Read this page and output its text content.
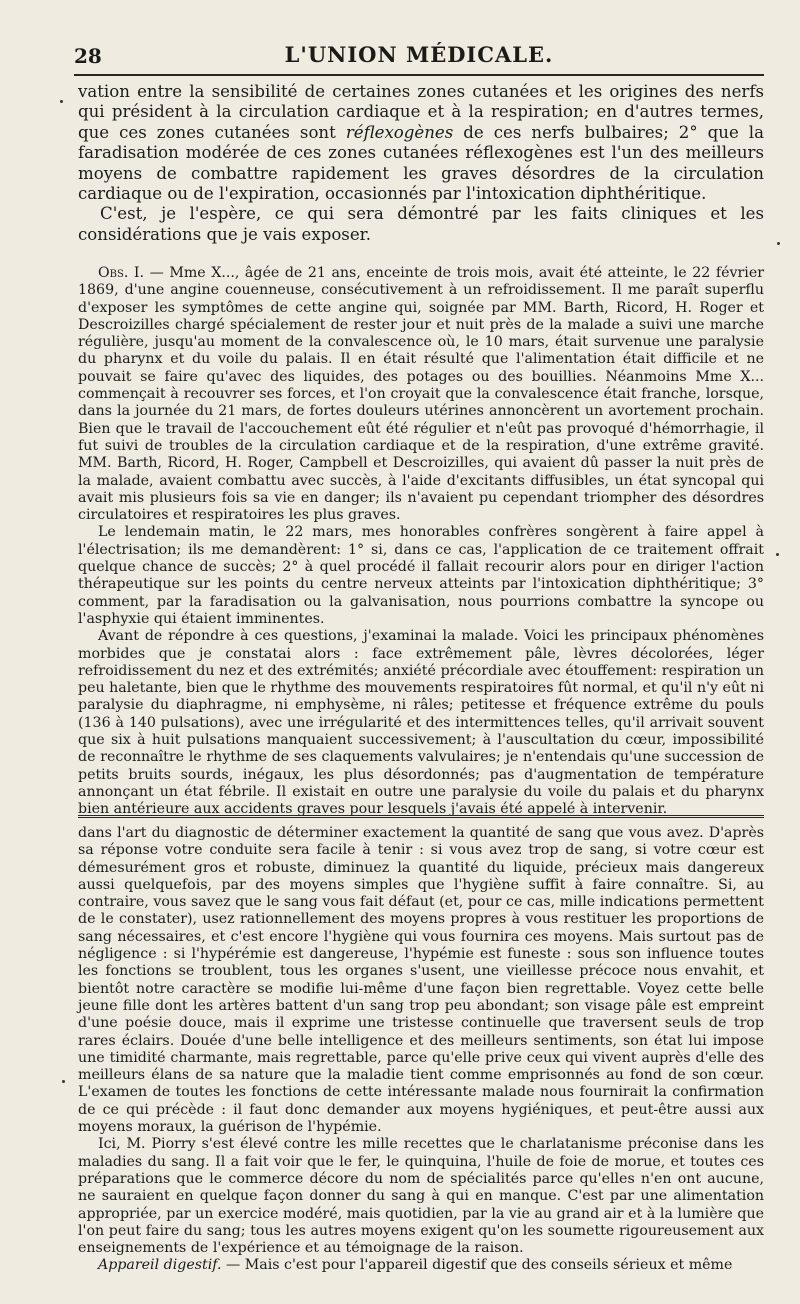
28	L'UNION MÉDICALE.

vation entre la sensibilité de certaines zones cutanées et les origines des nerfs qui président à la circulation cardiaque et à la respiration; en d'autres termes, que ces zones cutanées sont réflexogènes de ces nerfs bulbaires; 2° que la faradisation modérée de ces zones cutanées réflexogènes est l'un des meilleurs moyens de combattre rapidement les graves désordres de la circulation cardiaque ou de l'expiration, occasionnés par l'intoxication diphthéritique.

C'est, je l'espère, ce qui sera démontré par les faits cliniques et les considérations que je vais exposer.

Obs. I. — Mme X..., âgée de 21 ans, enceinte de trois mois, avait été atteinte, le 22 février 1869, d'une angine couenneuse, consécutivement à un refroidissement. Il me paraît superflu d'exposer les symptômes de cette angine qui, soignée par MM. Barth, Ricord, H. Roger et Descroizilles chargé spécialement de rester jour et nuit près de la malade a suivi une marche régulière, jusqu'au moment de la convalescence où, le 10 mars, était survenue une paralysie du pharynx et du voile du palais. Il en était résulté que l'alimentation était difficile et ne pouvait se faire qu'avec des liquides, des potages ou des bouillies. Néanmoins Mme X... commençait à recouvrer ses forces, et l'on croyait que la convalescence était franche, lorsque, dans la journée du 21 mars, de fortes douleurs utérines annoncèrent un avortement prochain. Bien que le travail de l'accouchement eût été régulier et n'eût pas provoqué d'hémorrhagie, il fut suivi de troubles de la circulation cardiaque et de la respiration, d'une extrême gravité. MM. Barth, Ricord, H. Roger, Campbell et Descroizilles, qui avaient dû passer la nuit près de la malade, avaient combattu avec succès, à l'aide d'excitants diffusibles, un état syncopal qui avait mis plusieurs fois sa vie en danger; ils n'avaient pu cependant triompher des désordres circulatoires et respiratoires les plus graves.

Le lendemain matin, le 22 mars, mes honorables confrères songèrent à faire appel à l'électrisation; ils me demandèrent: 1° si, dans ce cas, l'application de ce traitement offrait quelque chance de succès; 2° à quel procédé il fallait recourir alors pour en diriger l'action thérapeutique sur les points du centre nerveux atteints par l'intoxication diphthéritique; 3° comment, par la faradisation ou la galvanisation, nous pourrions combattre la syncope ou l'asphyxie qui étaient imminentes.

Avant de répondre à ces questions, j'examinai la malade. Voici les principaux phénomènes morbides que je constatai alors : face extrêmement pâle, lèvres décolorées, léger refroidissement du nez et des extrémités; anxiété précordiale avec étouffement: respiration un peu haletante, bien que le rhythme des mouvements respiratoires fût normal, et qu'il n'y eût ni paralysie du diaphragme, ni emphysème, ni râles; petitesse et fréquence extrême du pouls (136 à 140 pulsations), avec une irrégularité et des intermittences telles, qu'il arrivait souvent que six à huit pulsations manquaient successivement; à l'auscultation du cœur, impossibilité de reconnaître le rhythme de ses claquements valvulaires; je n'entendais qu'une succession de petits bruits sourds, inégaux, les plus désordonnés; pas d'augmentation de température annonçant un état fébrile. Il existait en outre une paralysie du voile du palais et du pharynx bien antérieure aux accidents graves pour lesquels j'avais été appelé à intervenir.

dans l'art du diagnostic de déterminer exactement la quantité de sang que vous avez. D'après sa réponse votre conduite sera facile à tenir : si vous avez trop de sang, si votre cœur est démesurément gros et robuste, diminuez la quantité du liquide, précieux mais dangereux aussi quelquefois, par des moyens simples que l'hygiène suffit à faire connaître. Si, au contraire, vous savez que le sang vous fait défaut (et, pour ce cas, mille indications permettent de le constater), usez rationnellement des moyens propres à vous restituer les proportions de sang nécessaires, et c'est encore l'hygiène qui vous fournira ces moyens. Mais surtout pas de négligence : si l'hypérémie est dangereuse, l'hypémie est funeste : sous son influence toutes les fonctions se troublent, tous les organes s'usent, une vieillesse précoce nous envahit, et bientôt notre caractère se modifie lui-même d'une façon bien regrettable. Voyez cette belle jeune fille dont les artères battent d'un sang trop peu abondant; son visage pâle est empreint d'une poésie douce, mais il exprime une tristesse continuelle que traversent seuls de trop rares éclairs. Douée d'une belle intelligence et des meilleurs sentiments, son état lui impose une timidité charmante, mais regrettable, parce qu'elle prive ceux qui vivent auprès d'elle des meilleurs élans de sa nature que la maladie tient comme emprisonnés au fond de son cœur. L'examen de toutes les fonctions de cette intéressante malade nous fournirait la confirmation de ce qui précède : il faut donc demander aux moyens hygiéniques, et peut-être aussi aux moyens moraux, la guérison de l'hypémie.

Ici, M. Piorry s'est élevé contre les mille recettes que le charlatanisme préconise dans les maladies du sang. Il a fait voir que le fer, le quinquina, l'huile de foie de morue, et toutes ces préparations que le commerce décore du nom de spécialités parce qu'elles n'en ont aucune, ne sauraient en quelque façon donner du sang à qui en manque. C'est par une alimentation appropriée, par un exercice modéré, mais quotidien, par la vie au grand air et à la lumière que l'on peut faire du sang; tous les autres moyens exigent qu'on les soumette rigoureusement aux enseignements de l'expérience et au témoignage de la raison.

Appareil digestif. — Mais c'est pour l'appareil digestif que des conseils sérieux et même
